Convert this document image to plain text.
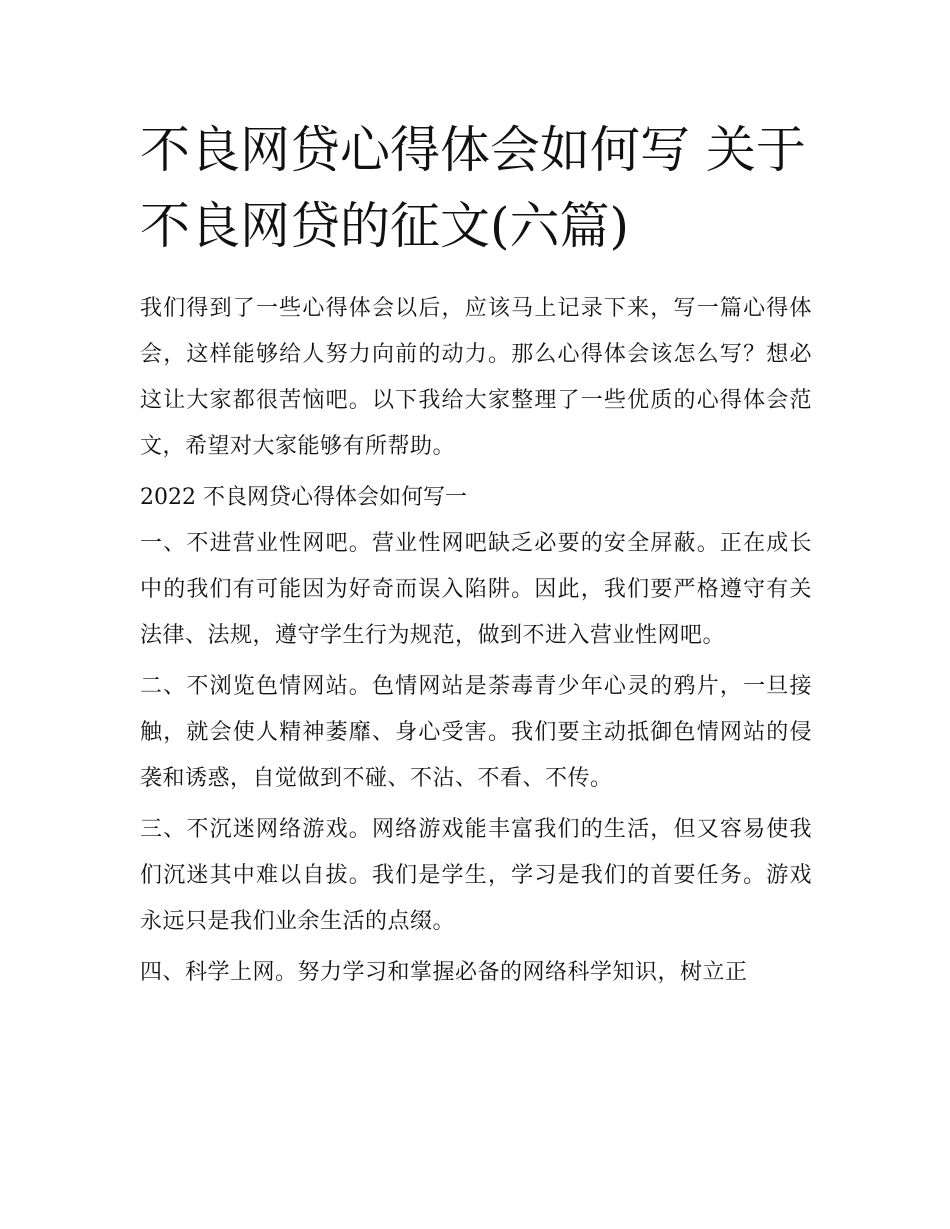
不良网贷心得体会如何写 关于不良网贷的征文(六篇)

我们得到了一些心得体会以后，应该马上记录下来，写一篇心得体会，这样能够给人努力向前的动力。那么心得体会该怎么写？想必这让大家都很苦恼吧。以下我给大家整理了一些优质的心得体会范文，希望对大家能够有所帮助。

2022 不良网贷心得体会如何写一

一、不进营业性网吧。营业性网吧缺乏必要的安全屏蔽。正在成长中的我们有可能因为好奇而误入陷阱。因此，我们要严格遵守有关法律、法规，遵守学生行为规范，做到不进入营业性网吧。

二、不浏览色情网站。色情网站是荼毒青少年心灵的鸦片，一旦接触，就会使人精神萎靡、身心受害。我们要主动抵御色情网站的侵袭和诱惑，自觉做到不碰、不沾、不看、不传。

三、不沉迷网络游戏。网络游戏能丰富我们的生活，但又容易使我们沉迷其中难以自拔。我们是学生，学习是我们的首要任务。游戏永远只是我们业余生活的点缀。

四、科学上网。努力学习和掌握必备的网络科学知识，树立正
